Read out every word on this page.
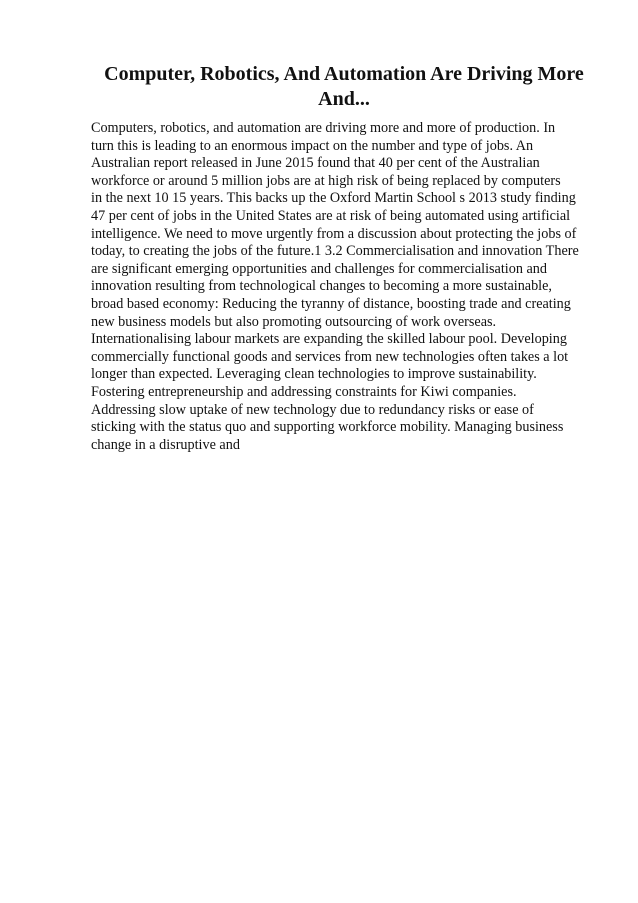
Computer, Robotics, And Automation Are Driving More And...
Computers, robotics, and automation are driving more and more of production. In
turn this is leading to an enormous impact on the number and type of jobs. An
Australian report released in June 2015 found that 40 per cent of the Australian
workforce or around 5 million jobs are at high risk of being replaced by computers
in the next 10 15 years. This backs up the Oxford Martin School s 2013 study finding
47 per cent of jobs in the United States are at risk of being automated using artificial
intelligence. We need to move urgently from a discussion about protecting the jobs of
today, to creating the jobs of the future.1 3.2 Commercialisation and innovation There
are significant emerging opportunities and challenges for commercialisation and
innovation resulting from technological changes to becoming a more sustainable,
broad based economy: Reducing the tyranny of distance, boosting trade and creating
new business models but also promoting outsourcing of work overseas.
Internationalising labour markets are expanding the skilled labour pool. Developing
commercially functional goods and services from new technologies often takes a lot
longer than expected. Leveraging clean technologies to improve sustainability.
Fostering entrepreneurship and addressing constraints for Kiwi companies.
Addressing slow uptake of new technology due to redundancy risks or ease of
sticking with the status quo and supporting workforce mobility. Managing business
change in a disruptive and
